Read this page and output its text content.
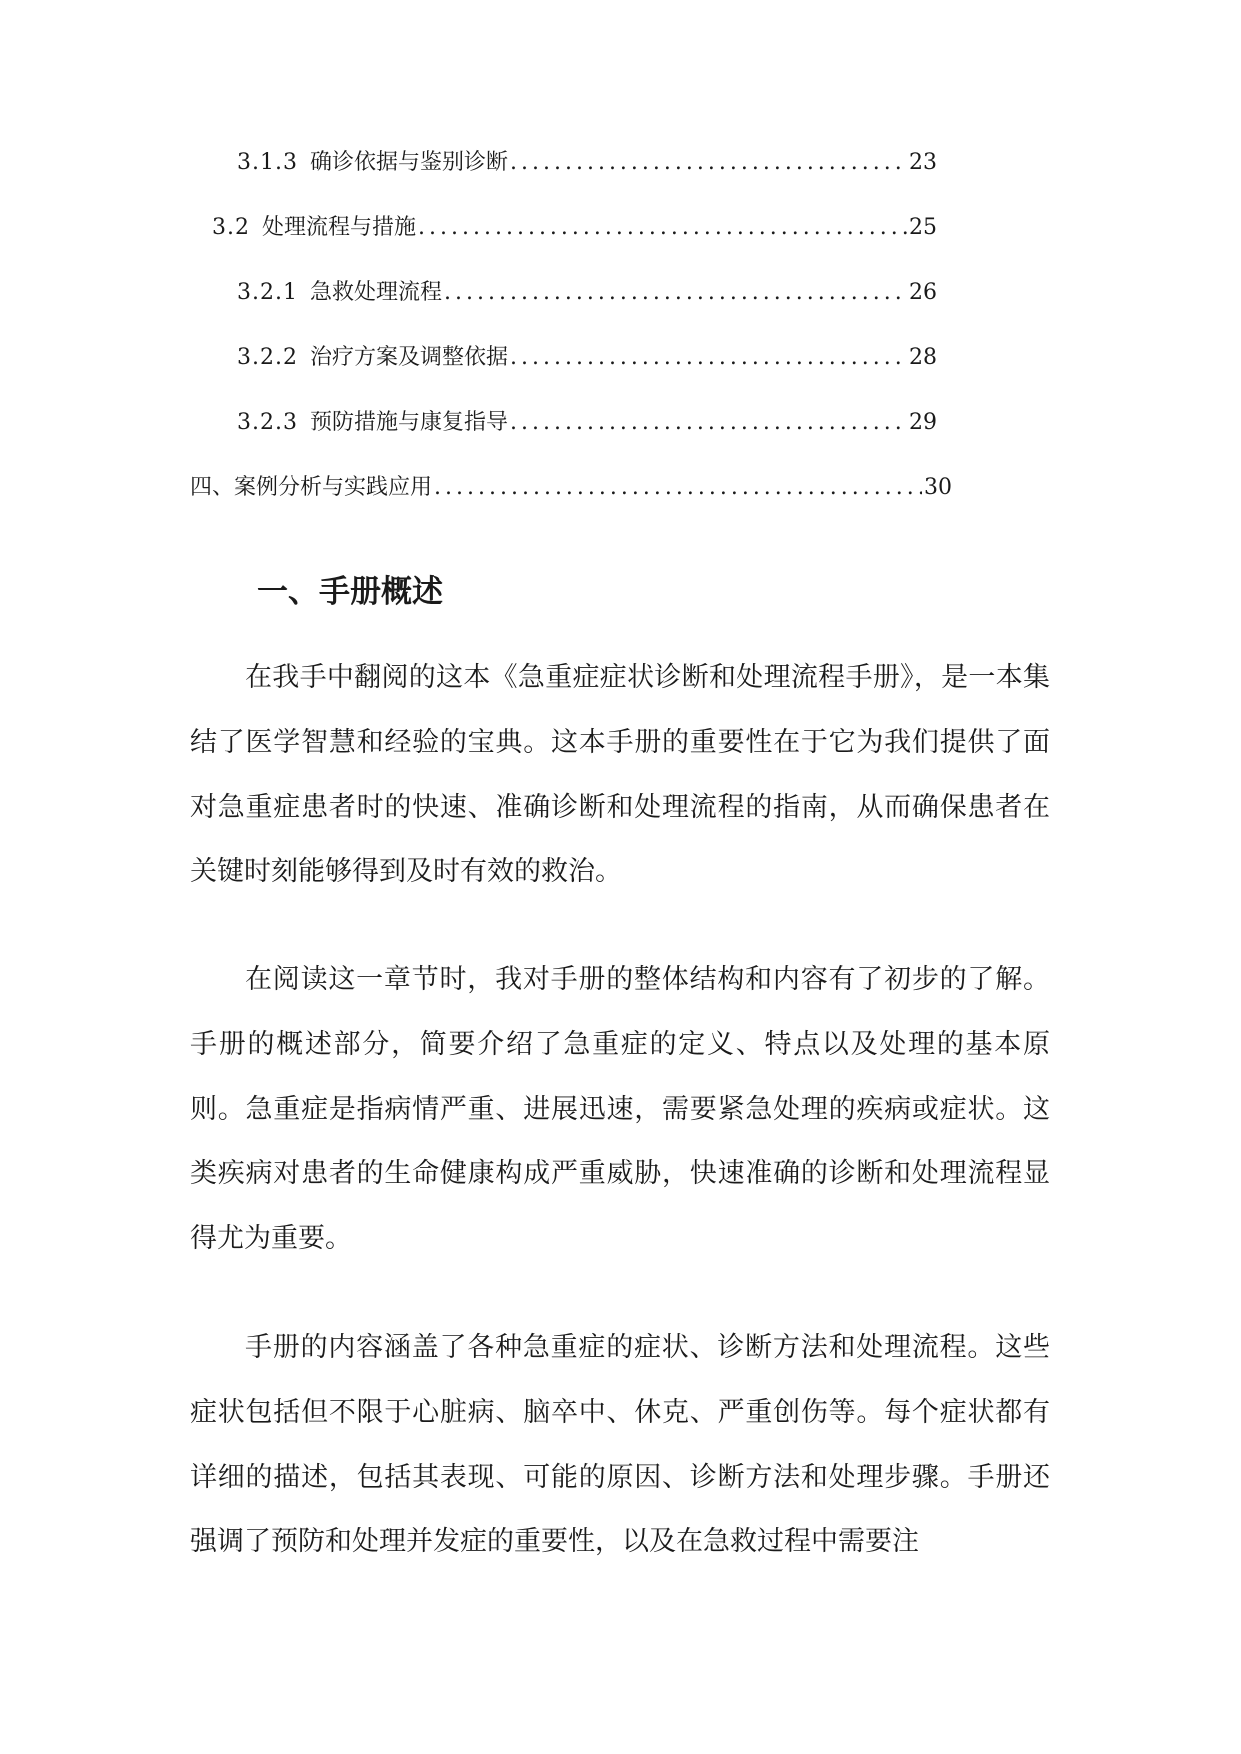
3.1.3 确诊依据与鉴别诊断 .....	23
3.2 处理流程与措施 .....	25
3.2.1 急救处理流程 .....	26
3.2.2 治疗方案及调整依据 .....	28
3.2.3 预防措施与康复指导 .....	29
四、案例分析与实践应用 .....	30
一、手册概述

在我手中翻阅的这本《急重症症状诊断和处理流程手册》，是一本集结了医学智慧和经验的宝典。这本手册的重要性在于它为我们提供了面对急重症患者时的快速、准确诊断和处理流程的指南，从而确保患者在关键时刻能够得到及时有效的救治。

在阅读这一章节时，我对手册的整体结构和内容有了初步的了解。手册的概述部分，简要介绍了急重症的定义、特点以及处理的基本原则。急重症是指病情严重、进展迅速，需要紧急处理的疾病或症状。这类疾病对患者的生命健康构成严重威胁，快速准确的诊断和处理流程显得尤为重要。

手册的内容涵盖了各种急重症的症状、诊断方法和处理流程。这些症状包括但不限于心脏病、脑卒中、休克、严重创伤等。每个症状都有详细的描述，包括其表现、可能的原因、诊断方法和处理步骤。手册还强调了预防和处理并发症的重要性，以及在急救过程中需要注
